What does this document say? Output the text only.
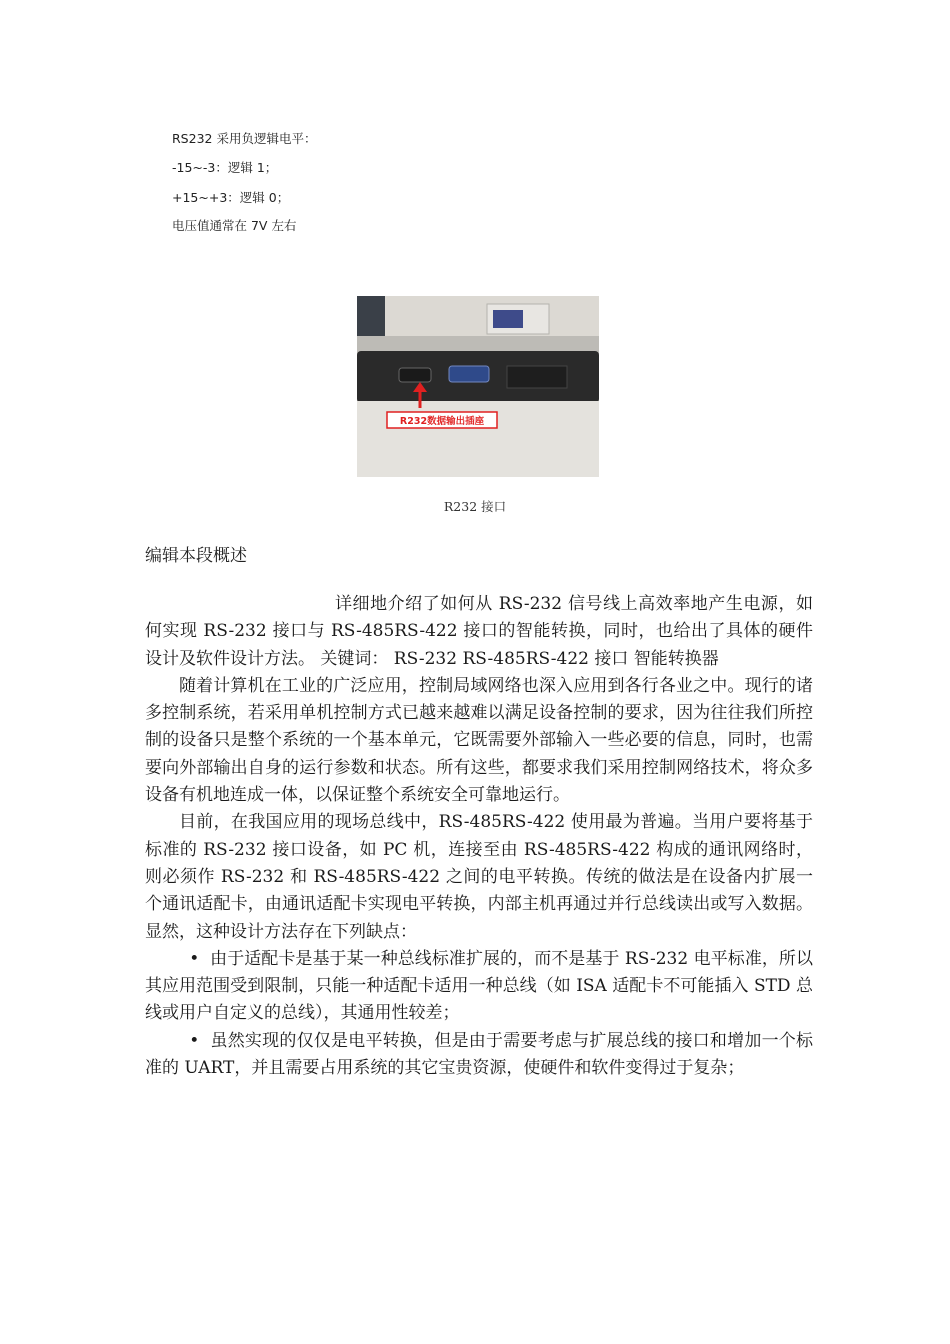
RS232 采用负逻辑电平：
-15~-3：逻辑 1；
+15~+3：逻辑 0；
电压值通常在 7V 左右
R232数据输出插座
R232 接口
编辑本段概述

详细地介绍了如何从 RS-232 信号线上高效率地产生电源，如何实现 RS-232 接口与 RS-485RS-422 接口的智能转换，同时，也给出了具体的硬件设计及软件设计方法。 关键词： RS-232 RS-485RS-422 接口 智能转换器

随着计算机在工业的广泛应用，控制局域网络也深入应用到各行各业之中。现行的诸多控制系统，若采用单机控制方式已越来越难以满足设备控制的要求，因为往往我们所控制的设备只是整个系统的一个基本单元，它既需要外部输入一些必要的信息，同时，也需要向外部输出自身的运行参数和状态。所有这些，都要求我们采用控制网络技术，将众多设备有机地连成一体，以保证整个系统安全可靠地运行。

目前，在我国应用的现场总线中，RS-485RS-422 使用最为普遍。当用户要将基于标准的 RS-232 接口设备，如 PC 机，连接至由 RS-485RS-422 构成的通讯网络时，则必须作 RS-232 和 RS-485RS-422 之间的电平转换。传统的做法是在设备内扩展一个通讯适配卡，由通讯适配卡实现电平转换，内部主机再通过并行总线读出或写入数据。显然，这种设计方法存在下列缺点：

• 由于适配卡是基于某一种总线标准扩展的，而不是基于 RS-232 电平标准，所以其应用范围受到限制，只能一种适配卡适用一种总线（如 ISA 适配卡不可能插入 STD 总线或用户自定义的总线），其通用性较差；

• 虽然实现的仅仅是电平转换，但是由于需要考虑与扩展总线的接口和增加一个标准的 UART，并且需要占用系统的其它宝贵资源，使硬件和软件变得过于复杂；
